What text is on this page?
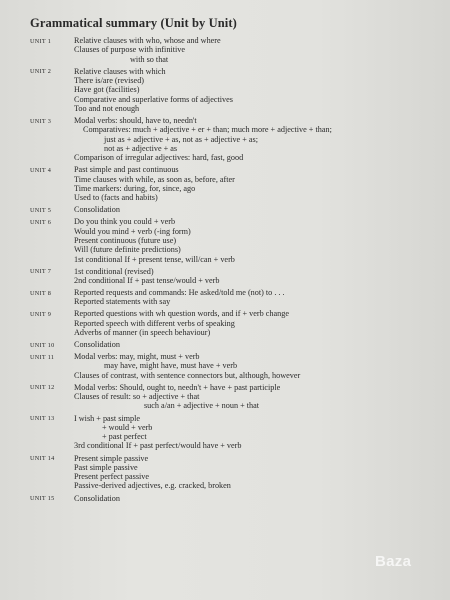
Grammatical summary (Unit by Unit)
UNIT 1	Relative clauses with who, whose and where
Clauses of purpose with infinitive
with so that
UNIT 2	Relative clauses with which
There is/are (revised)
Have got (facilities)
Comparative and superlative forms of adjectives
Too and not enough
UNIT 3	Modal verbs: should, have to, needn't
Comparatives: much + adjective + er + than; much more + adjective + than;
just as + adjective + as, not as + adjective + as;
not as + adjective + as
Comparison of irregular adjectives: hard, fast, good
UNIT 4	Past simple and past continuous
Time clauses with while, as soon as, before, after
Time markers: during, for, since, ago
Used to (facts and habits)
UNIT 5	Consolidation
UNIT 6	Do you think you could + verb
Would you mind + verb (-ing form)
Present continuous (future use)
Will (future definite predictions)
1st conditional If + present tense, will/can + verb
UNIT 7	1st conditional (revised)
2nd conditional If + past tense/would + verb
UNIT 8	Reported requests and commands: He asked/told me (not) to . . .
Reported statements with say
UNIT 9	Reported questions with wh question words, and if + verb change
Reported speech with different verbs of speaking
Adverbs of manner (in speech behaviour)
UNIT 10	Consolidation
UNIT 11	Modal verbs: may, might, must + verb
may have, might have, must have + verb
Clauses of contrast, with sentence connectors but, although, however
UNIT 12	Modal verbs: Should, ought to, needn't + have + past participle
Clauses of result: so + adjective + that
such a/an + adjective + noun + that
UNIT 13	I wish + past simple
+ would + verb
+ past perfect
3rd conditional If + past perfect/would have + verb
UNIT 14	Present simple passive
Past simple passive
Present perfect passive
Passive-derived adjectives, e.g. cracked, broken
UNIT 15	Consolidation
Baza
